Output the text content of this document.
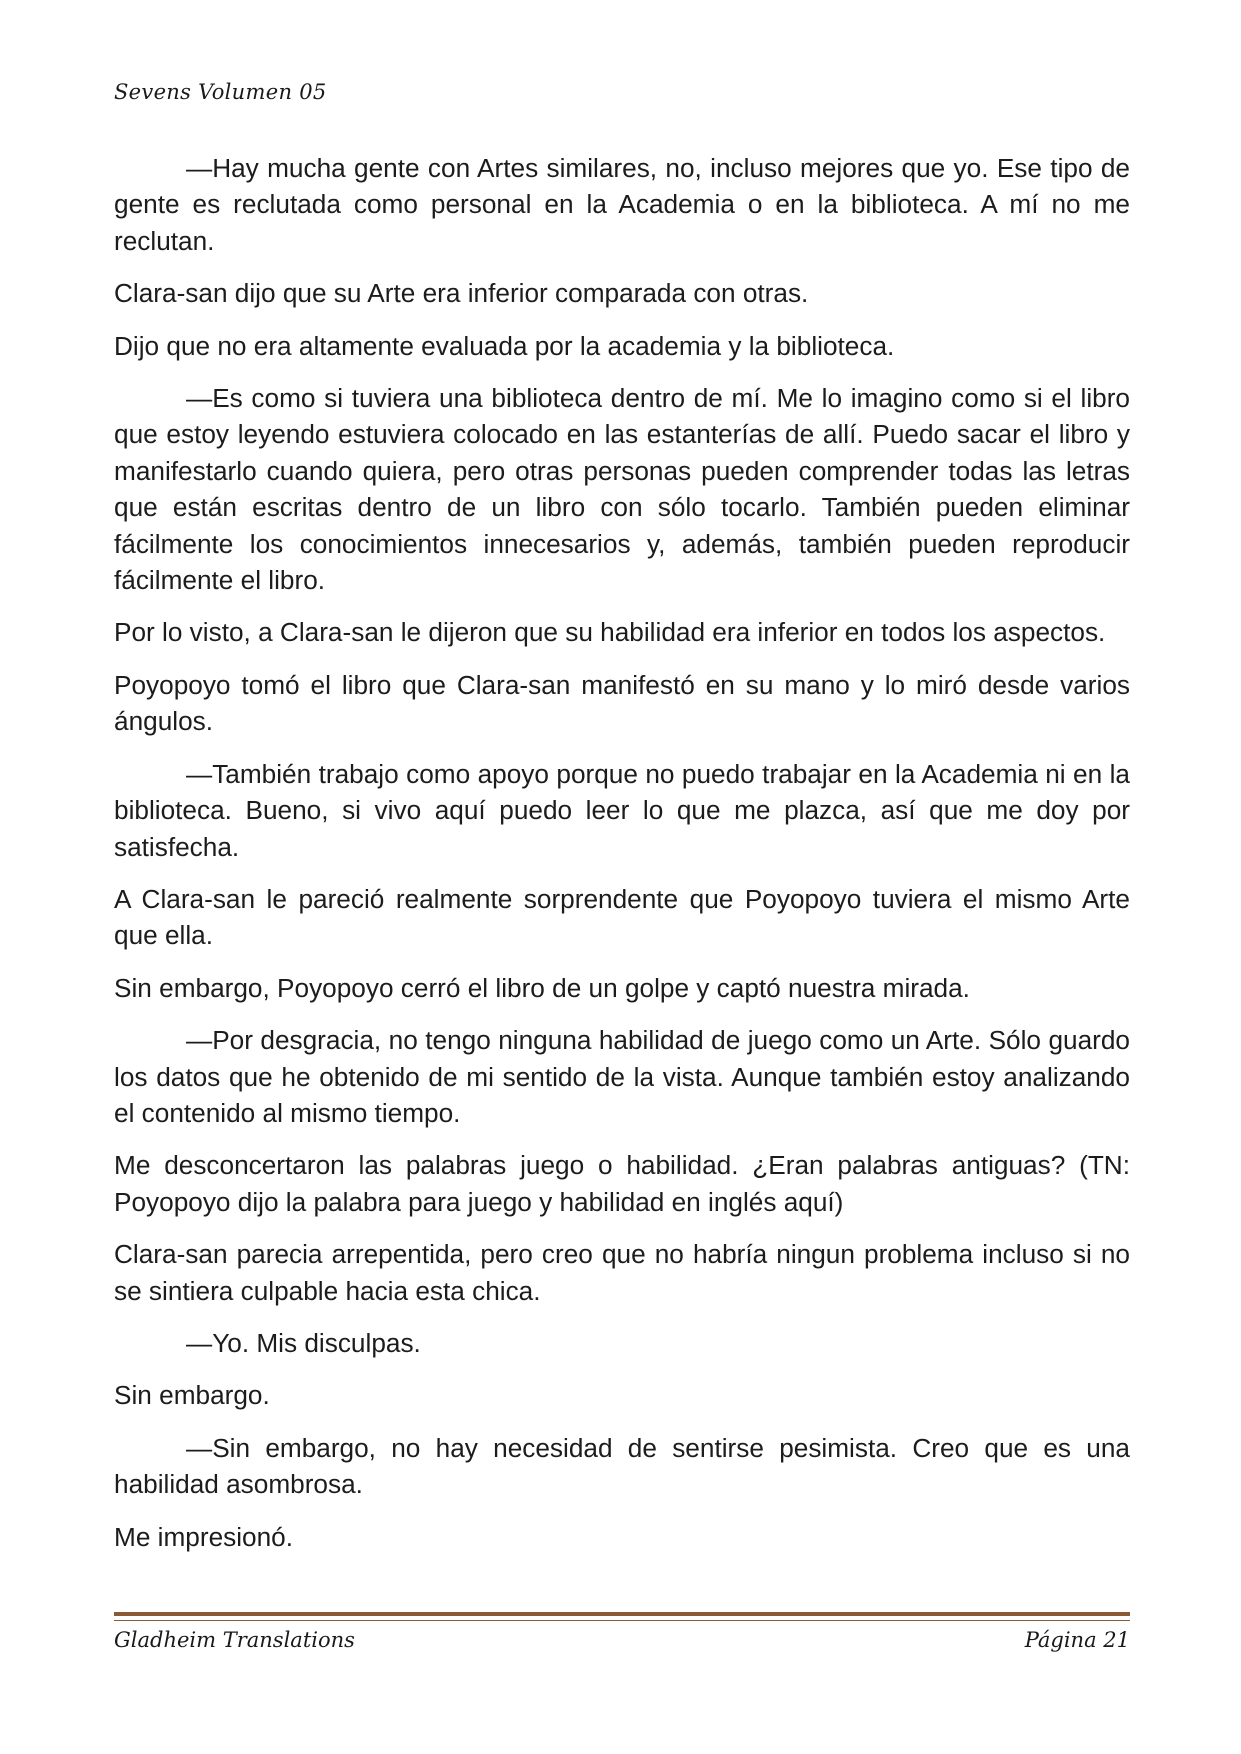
Sevens Volumen 05

—Hay mucha gente con Artes similares, no, incluso mejores que yo. Ese tipo de gente es reclutada como personal en la Academia o en la biblioteca. A mí no me reclutan.

Clara-san dijo que su Arte era inferior comparada con otras.

Dijo que no era altamente evaluada por la academia y la biblioteca.

—Es como si tuviera una biblioteca dentro de mí. Me lo imagino como si el libro que estoy leyendo estuviera colocado en las estanterías de allí. Puedo sacar el libro y manifestarlo cuando quiera, pero otras personas pueden comprender todas las letras que están escritas dentro de un libro con sólo tocarlo. También pueden eliminar fácilmente los conocimientos innecesarios y, además, también pueden reproducir fácilmente el libro.

Por lo visto, a Clara-san le dijeron que su habilidad era inferior en todos los aspectos.

Poyopoyo tomó el libro que Clara-san manifestó en su mano y lo miró desde varios ángulos.

—También trabajo como apoyo porque no puedo trabajar en la Academia ni en la biblioteca. Bueno, si vivo aquí puedo leer lo que me plazca, así que me doy por satisfecha.

A Clara-san le pareció realmente sorprendente que Poyopoyo tuviera el mismo Arte que ella.

Sin embargo, Poyopoyo cerró el libro de un golpe y captó nuestra mirada.

—Por desgracia, no tengo ninguna habilidad de juego como un Arte. Sólo guardo los datos que he obtenido de mi sentido de la vista. Aunque también estoy analizando el contenido al mismo tiempo.

Me desconcertaron las palabras juego o habilidad. ¿Eran palabras antiguas? (TN: Poyopoyo dijo la palabra para juego y habilidad en inglés aquí)

Clara-san parecia arrepentida, pero creo que no habría ningun problema incluso si no se sintiera culpable hacia esta chica.

—Yo. Mis disculpas.

Sin embargo.

—Sin embargo, no hay necesidad de sentirse pesimista. Creo que es una habilidad asombrosa.

Me impresionó.

Gladheim Translations	Página 21
